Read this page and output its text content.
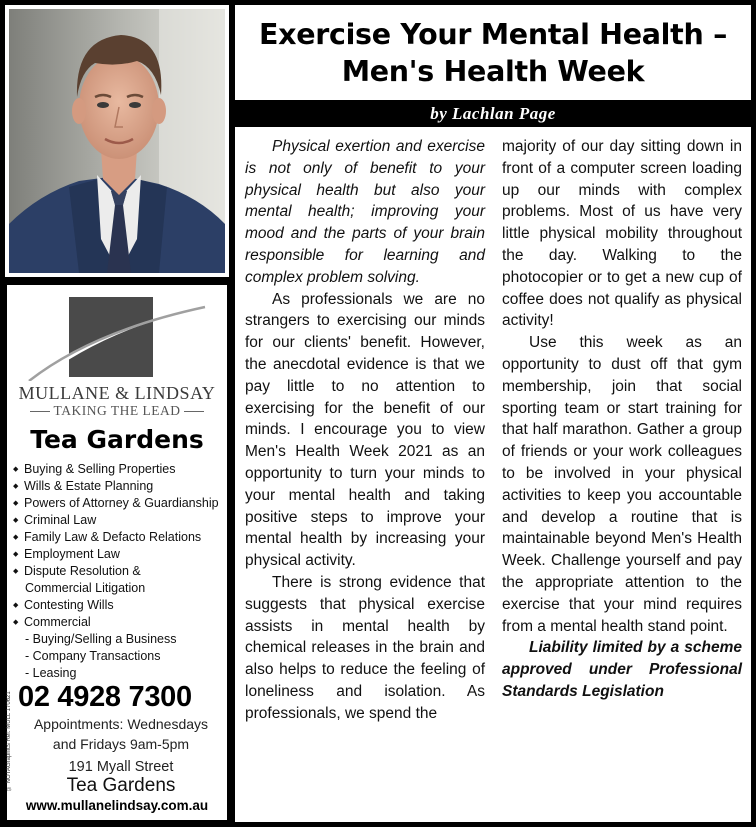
MULLANE & LINDSAY
TAKING THE LEAD
Tea Gardens
◆ Buying & Selling Properties
◆ Wills & Estate Planning
◆ Powers of Attorney & Guardianship
◆ Criminal Law
◆ Family Law & Defacto Relations
◆ Employment Law
◆ Dispute Resolution &
Commercial Litigation
◆ Contesting Wills
◆ Commercial
- Buying/Selling a Business
- Company Transactions
- Leasing
© NOTAGraphics Ref: MULL 170621 02 4928 7300
Appointments: Wednesdays
and Fridays 9am-5pm
191 Myall Street
Tea Gardens
www.mullanelindsay.com.au
Exercise Your Mental Health –
Men's Health Week
by Lachlan Page

Physical exertion and exercise is not only of benefit to your physical health but also your mental health; improving your mood and the parts of your brain responsible for learning and complex problem solving.

As professionals we are no strangers to exercising our minds for our clients' benefit. However, the anecdotal evidence is that we pay little to no attention to exercising for the benefit of our minds. I encourage you to view Men's Health Week 2021 as an opportunity to turn your minds to your mental health and taking positive steps to improve your mental health by increasing your physical activity.

There is strong evidence that suggests that physical exercise assists in mental health by chemical releases in the brain and also helps to reduce the feeling of loneliness and isolation. As professionals, we spend the

majority of our day sitting down in front of a computer screen loading up our minds with complex problems. Most of us have very little physical mobility throughout the day. Walking to the photocopier or to get a new cup of coffee does not qualify as physical activity!

Use this week as an opportunity to dust off that gym membership, join that social sporting team or start training for that half marathon. Gather a group of friends or your work colleagues to be involved in your physical activities to keep you accountable and develop a routine that is maintainable beyond Men's Health Week. Challenge yourself and pay the appropriate attention to the exercise that your mind requires from a mental health stand point.

Liability limited by a scheme approved under Professional Standards Legislation
